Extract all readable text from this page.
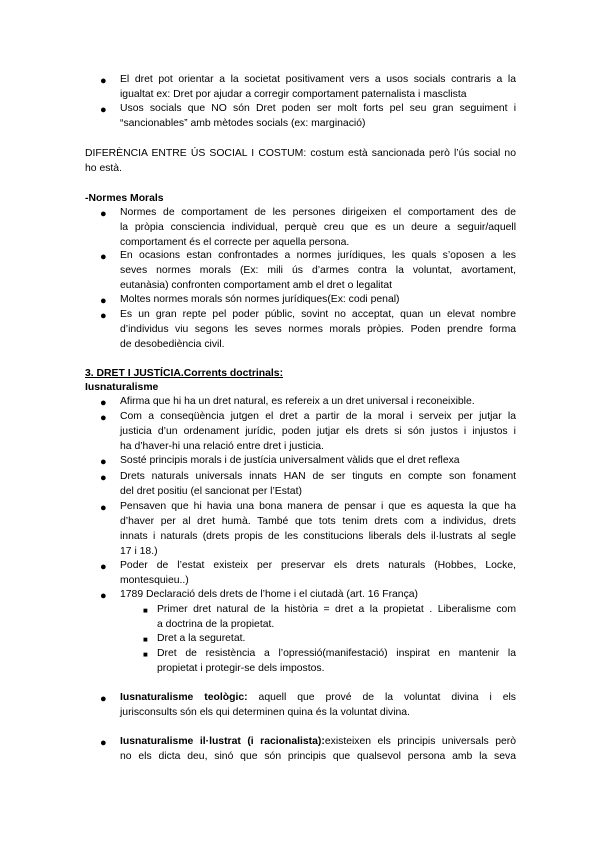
● El dret pot orientar a la societat positivament vers a usos socials contraris a la
igualtat ex: Dret por ajudar a corregir comportament paternalista i masclista
● Usos socials que NO són Dret poden ser molt forts pel seu gran seguiment i
“sancionables” amb mètodes socials (ex: marginació)
DIFERÈNCIA ENTRE ÚS SOCIAL I COSTUM: costum està sancionada però l’ús social no
ho està.
-Normes Morals
● Normes de comportament de les persones dirigeixen el comportament des de
la pròpia consciencia individual, perquè creu que es un deure a seguir/aquell
comportament és el correcte per aquella persona.
● En ocasions estan confrontades a normes jurídiques, les quals s’oposen a les
seves normes morals (Ex: mili ús d’armes contra la voluntat, avortament,
eutanàsia) confronten comportament amb el dret o legalitat
● Moltes normes morals són normes jurídiques(Ex: codi penal)
● Es un gran repte pel poder públic, sovint no acceptat, quan un elevat nombre
d’individus viu segons les seves normes morals pròpies. Poden prendre forma
de desobediència civil.
3. DRET I JUSTÍCIA.Corrents doctrinals:
Iusnaturalisme
● Afirma que hi ha un dret natural, es refereix a un dret universal i reconeixible.
● Com a conseqüència jutgen el dret a partir de la moral i serveix per jutjar la
justicia d’un ordenament jurídic, poden jutjar els drets si són justos i injustos i
ha d’haver-hi una relació entre dret i justicia.
● Sosté principis morals i de justícia universalment vàlids que el dret reflexa
● Drets naturals universals innats HAN de ser tinguts en compte son fonament
del dret positiu (el sancionat per l’Estat)
● Pensaven que hi havia una bona manera de pensar i que es aquesta la que ha
d’haver per al dret humà. També que tots tenim drets com a individus, drets
innats i naturals (drets propis de les constitucions liberals dels il·lustrats al segle
17 i 18.)
● Poder de l’estat existeix per preservar els drets naturals (Hobbes, Locke,
montesquieu..)
● 1789 Declaració dels drets de l’home i el ciutadà (art. 16 França)
■ Primer dret natural de la història = dret a la propietat . Liberalisme com
a doctrina de la propietat.
■ Dret a la seguretat.
■ Dret de resistència a l’opressió(manifestació) inspirat en mantenir la
propietat i protegir-se dels impostos.
● Iusnaturalisme teològic: aquell que prové de la voluntat divina i els
jurisconsults són els qui determinen quina és la voluntat divina.
● Iusnaturalisme il·lustrat (i racionalista):existeixen els principis universals però
no els dicta deu, sinó que són principis que qualsevol persona amb la seva
